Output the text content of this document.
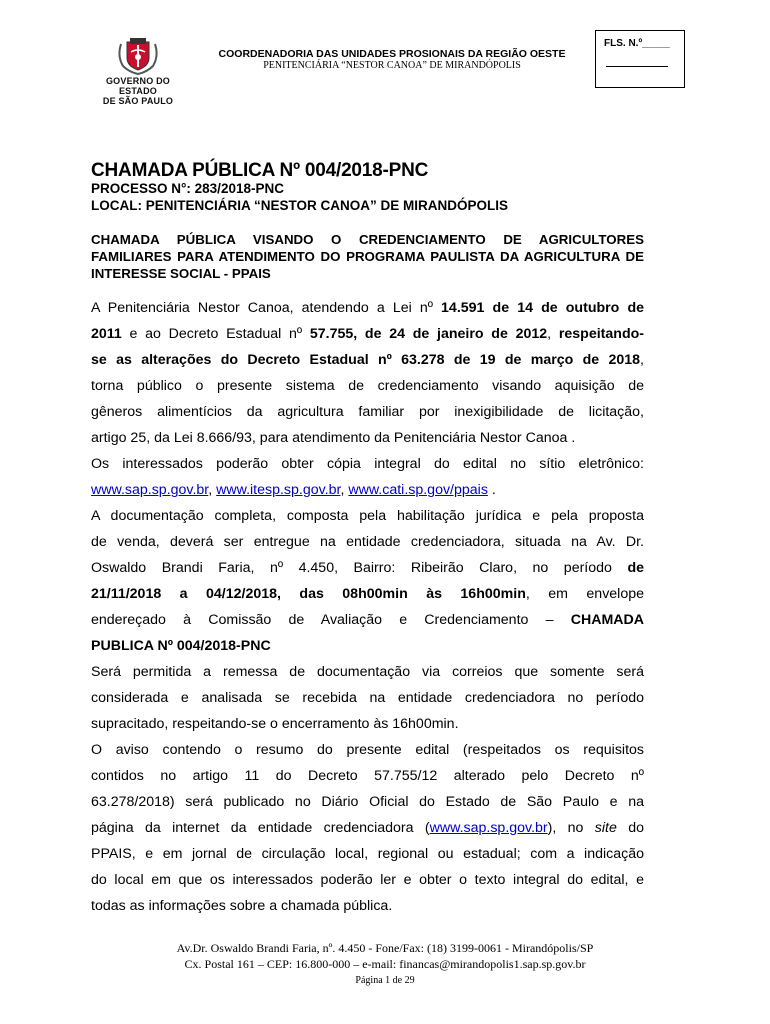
GOVERNO DO ESTADO
DE SÃO PAULO
COORDENADORIA DAS UNIDADES PROSIONAIS DA REGIÃO OESTE
PENITENCIÁRIA “NESTOR CANOA” DE MIRANDÓPOLIS
FLS. N.º_____
CHAMADA PÚBLICA Nº 004/2018-PNC
PROCESSO N°: 283/2018-PNC
LOCAL: PENITENCIÁRIA “NESTOR CANOA” DE MIRANDÓPOLIS
CHAMADA PÚBLICA VISANDO O CREDENCIAMENTO DE AGRICULTORES FAMILIARES PARA ATENDIMENTO DO PROGRAMA PAULISTA DA AGRICULTURA DE INTERESSE SOCIAL - PPAIS
A Penitenciária Nestor Canoa, atendendo a Lei nº 14.591 de 14 de outubro de
2011 e ao Decreto Estadual nº 57.755, de 24 de janeiro de 2012, respeitando-
se as alterações do Decreto Estadual nº 63.278 de 19 de março de 2018,
torna público o presente sistema de credenciamento visando aquisição de
gêneros alimentícios da agricultura familiar por inexigibilidade de licitação,
artigo 25, da Lei 8.666/93, para atendimento da Penitenciária Nestor Canoa .
Os interessados poderão obter cópia integral do edital no sítio eletrônico:
www.sap.sp.gov.br, www.itesp.sp.gov.br, www.cati.sp.gov/ppais .
A documentação completa, composta pela habilitação jurídica e pela proposta
de venda, deverá ser entregue na entidade credenciadora, situada na Av. Dr.
Oswaldo Brandi Faria, nº 4.450, Bairro: Ribeirão Claro, no período de
21/11/2018 a 04/12/2018, das 08h00min às 16h00min, em envelope
endereçado à Comissão de Avaliação e Credenciamento – CHAMADA
PUBLICA Nº 004/2018-PNC
Será permitida a remessa de documentação via correios que somente será
considerada e analisada se recebida na entidade credenciadora no período
supracitado, respeitando-se o encerramento às 16h00min.
O aviso contendo o resumo do presente edital (respeitados os requisitos
contidos no artigo 11 do Decreto 57.755/12 alterado pelo Decreto nº
63.278/2018) será publicado no Diário Oficial do Estado de São Paulo e na
página da internet da entidade credenciadora (www.sap.sp.gov.br), no site do
PPAIS, e em jornal de circulação local, regional ou estadual; com a indicação
do local em que os interessados poderão ler e obter o texto integral do edital, e
todas as informações sobre a chamada pública.
Av.Dr. Oswaldo Brandi Faria, nº. 4.450 - Fone/Fax: (18) 3199-0061 - Mirandópolis/SP
Cx. Postal 161 – CEP: 16.800-000 – e-mail: financas@mirandopolis1.sap.sp.gov.br
Página 1 de 29
